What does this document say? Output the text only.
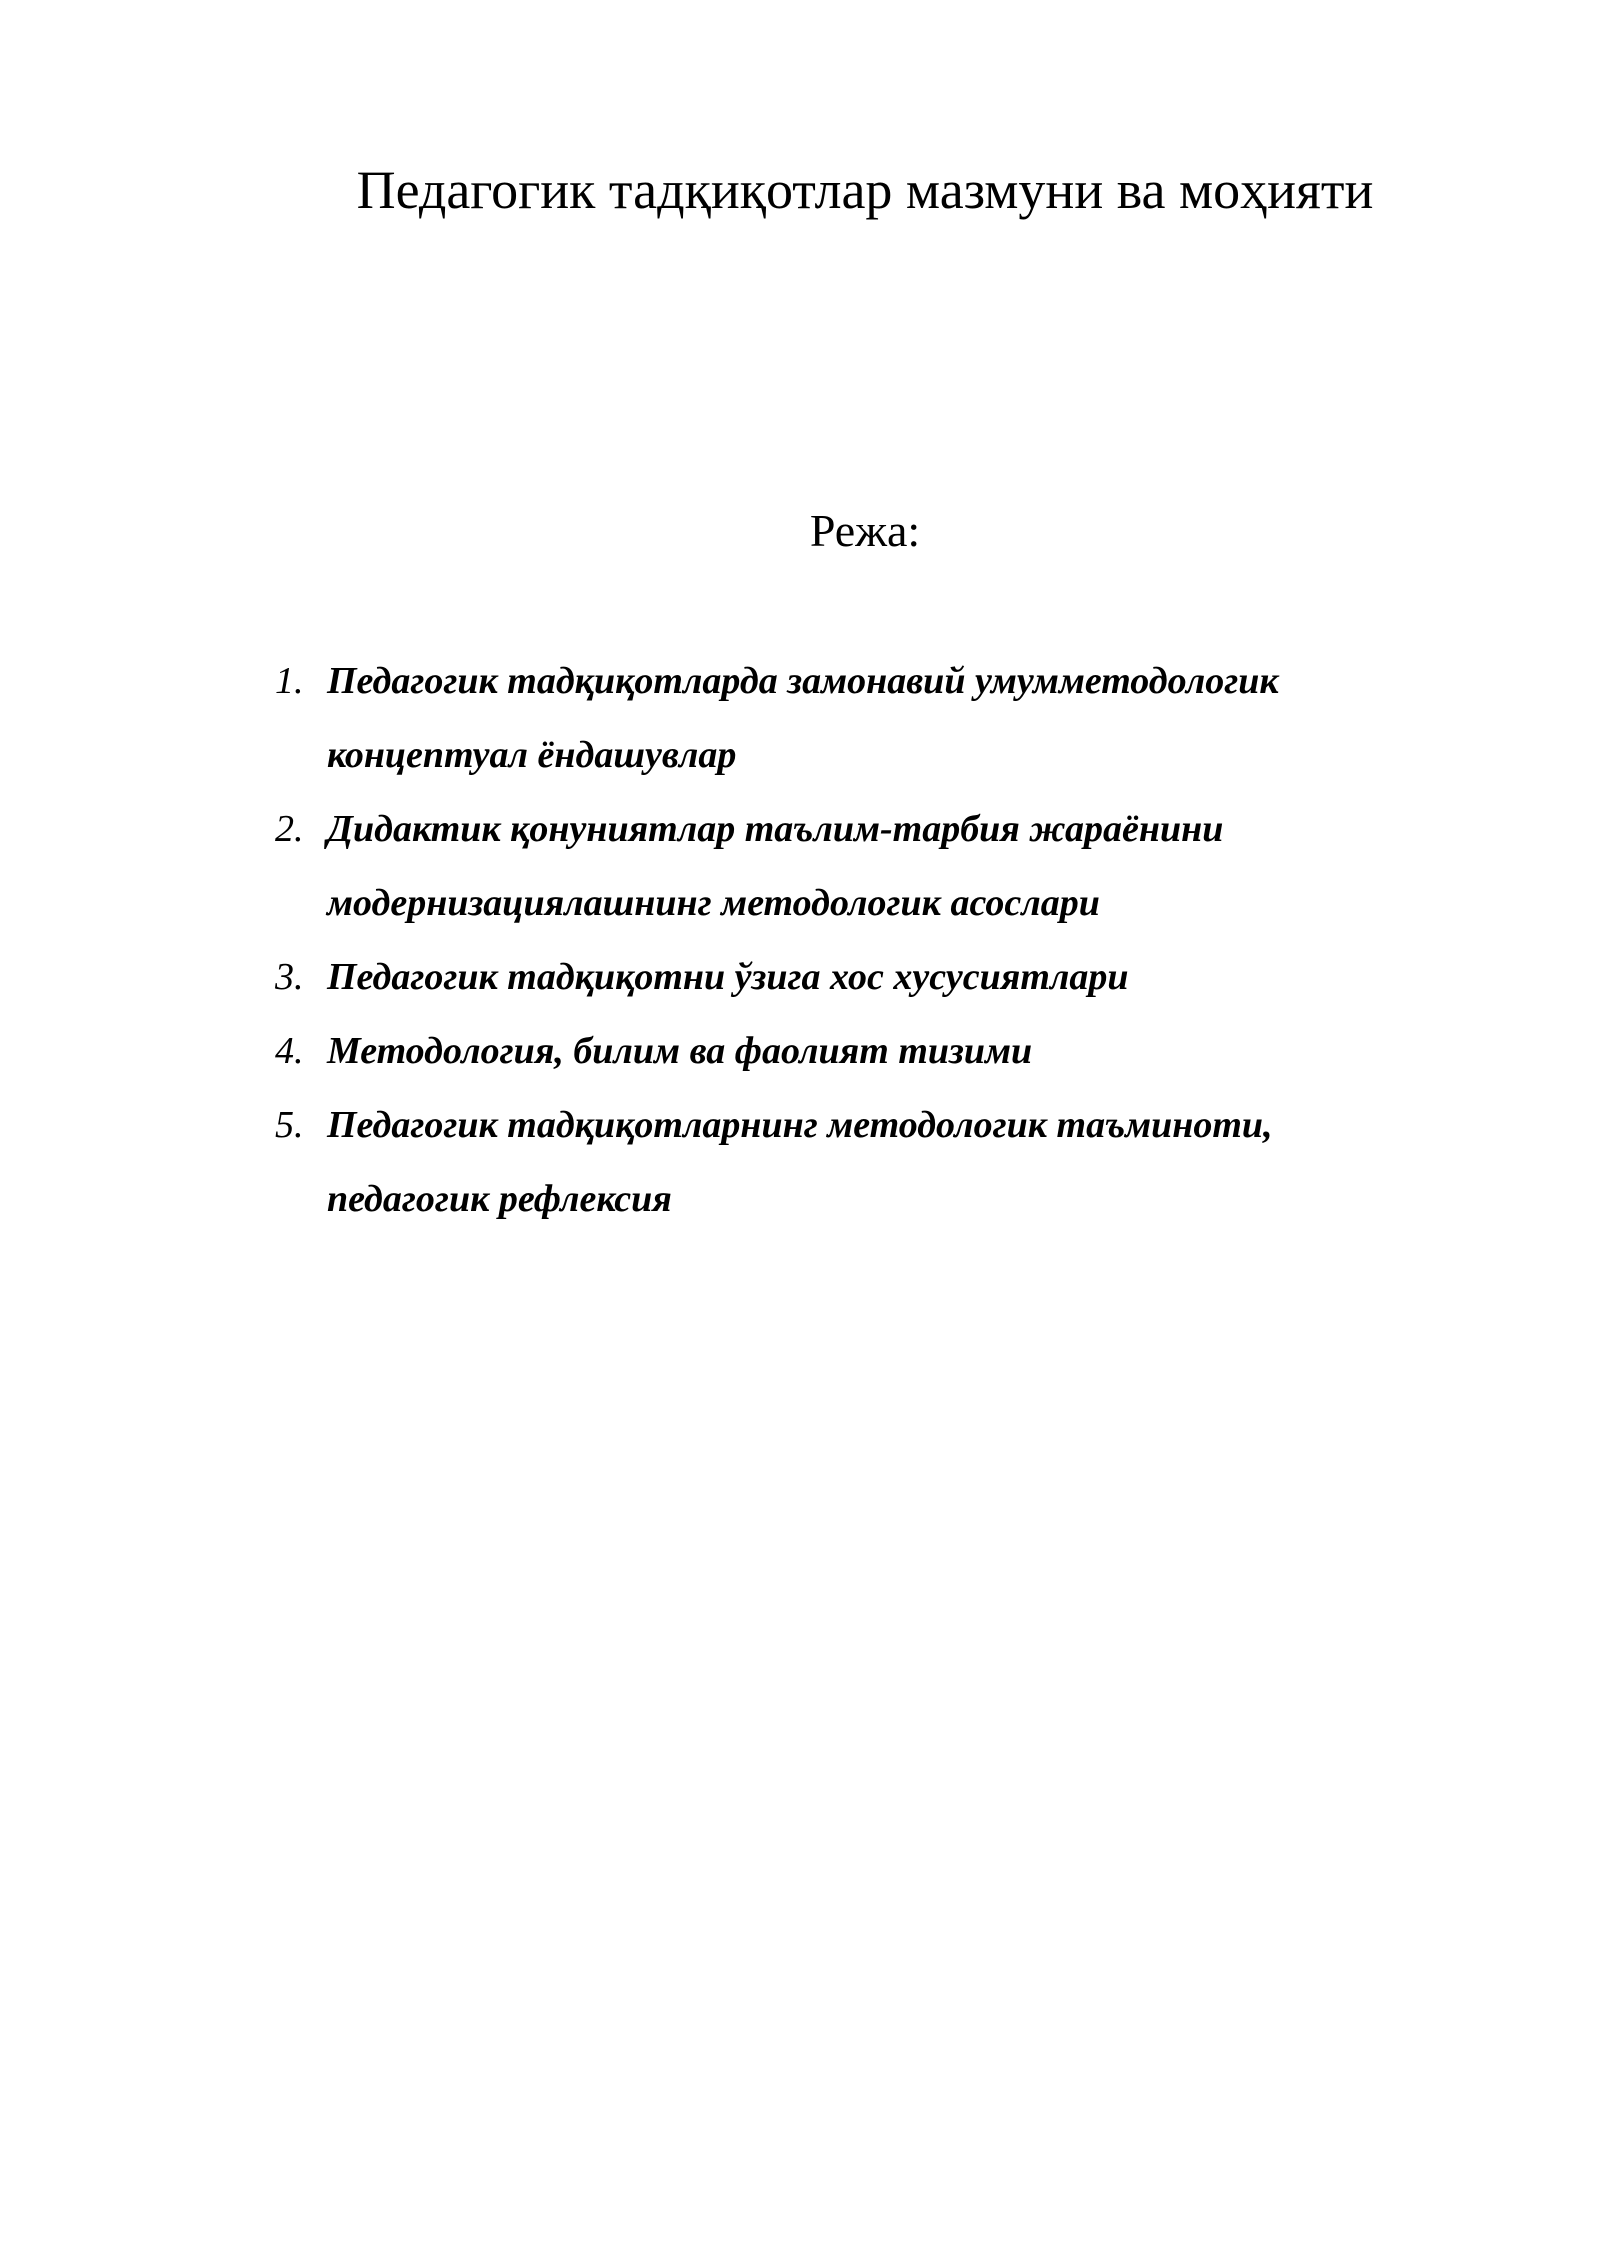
Педагогик тадқиқотлар мазмуни ва моҳияти
Режа:
1. Педагогик тадқиқотларда замонавий умумметодологик
концептуал ёндашувлар
2. Дидактик қонуниятлар таълим-тарбия жараёнини
модернизациялашнинг методологик асослари
3. Педагогик тадқиқотни ўзига хос хусусиятлари
4. Методология, билим ва фаолият тизими
5. Педагогик тадқиқотларнинг методологик таъминоти,
педагогик рефлексия
